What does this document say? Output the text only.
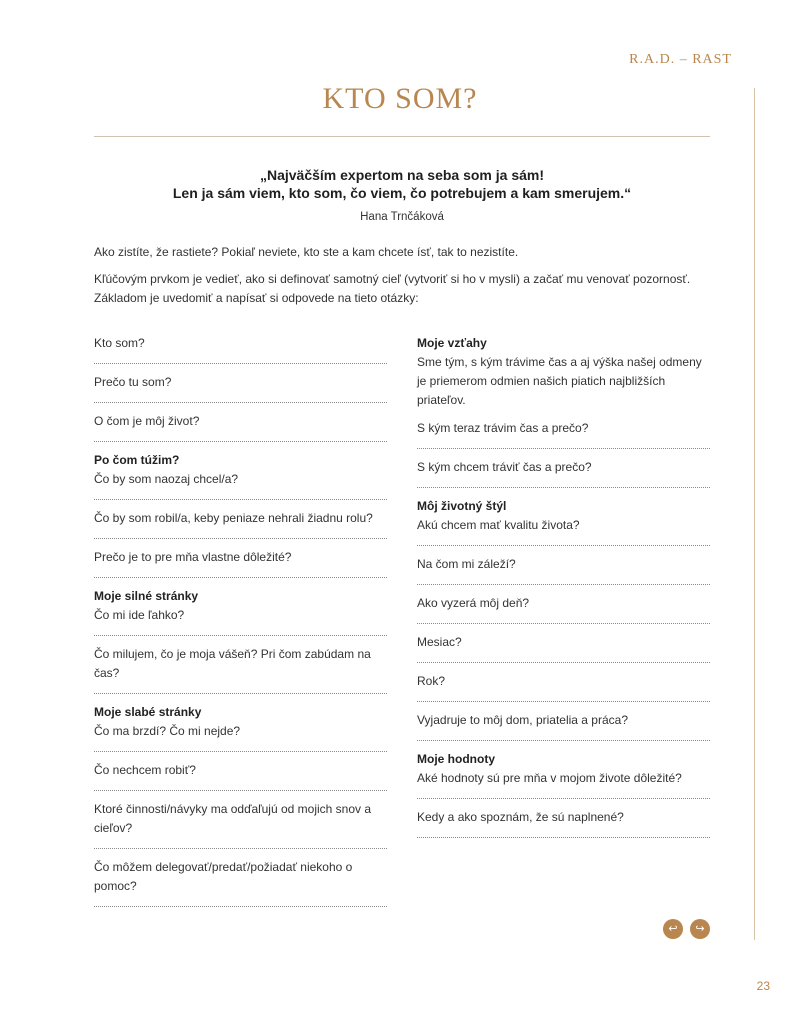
R.A.D. – RAST
KTO SOM?
„Najväčším expertom na seba som ja sám!
Len ja sám viem, kto som, čo viem, čo potrebujem a kam smerujem.“
Hana Trnčáková
Ako zistíte, že rastiete? Pokiaľ neviete, kto ste a kam chcete ísť, tak to nezistíte.
Kľúčovým prvkom je vedieť, ako si definovať samotný cieľ (vytvoriť si ho v mysli) a začať mu venovať pozornosť. Základom je uvedomiť a napísať si odpovede na tieto otázky:
Kto som?
Prečo tu som?
O čom je môj život?
Po čom túžim?
Čo by som naozaj chcel/a?
Čo by som robil/a, keby peniaze nehrali žiadnu rolu?
Prečo je to pre mňa vlastne dôležité?
Moje silné stránky
Čo mi ide ľahko?
Čo milujem, čo je moja vášeň? Pri čom zabúdam na čas?
Moje slabé stránky
Čo ma brzdí? Čo mi nejde?
Čo nechcem robiť?
Ktoré činnosti/návyky ma odďaľujú od mojich snov a cieľov?
Čo môžem delegovať/predať/požiadať niekoho o pomoc?
Moje vzťahy
Sme tým, s kým trávime čas a aj výška našej odmeny je priemerom odmien našich piatich najbližších priateľov.
S kým teraz trávim čas a prečo?
S kým chcem tráviť čas a prečo?
Môj životný štýl
Akú chcem mať kvalitu života?
Na čom mi záleží?
Ako vyzerá môj deň?
Mesiac?
Rok?
Vyjadruje to môj dom, priatelia a práca?
Moje hodnoty
Aké hodnoty sú pre mňa v mojom živote dôležité?
Kedy a ako spoznám, že sú naplnené?
↩	↪
23
